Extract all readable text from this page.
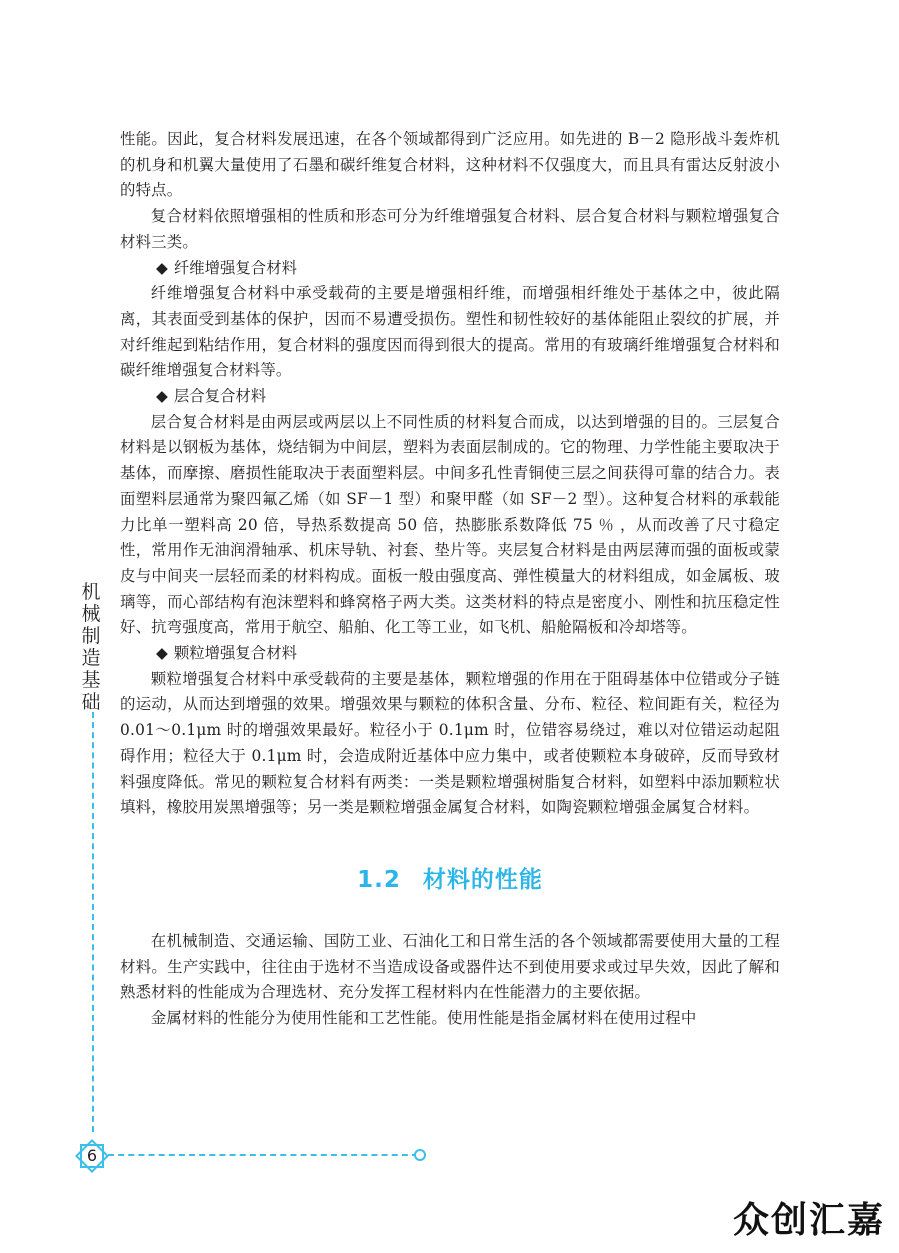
性能。因此，复合材料发展迅速，在各个领域都得到广泛应用。如先进的 B－2 隐形战斗轰炸机的机身和机翼大量使用了石墨和碳纤维复合材料，这种材料不仅强度大，而且具有雷达反射波小的特点。

复合材料依照增强相的性质和形态可分为纤维增强复合材料、层合复合材料与颗粒增强复合材料三类。

◆ 纤维增强复合材料

纤维增强复合材料中承受载荷的主要是增强相纤维，而增强相纤维处于基体之中，彼此隔离，其表面受到基体的保护，因而不易遭受损伤。塑性和韧性较好的基体能阻止裂纹的扩展，并对纤维起到粘结作用，复合材料的强度因而得到很大的提高。常用的有玻璃纤维增强复合材料和碳纤维增强复合材料等。

◆ 层合复合材料

层合复合材料是由两层或两层以上不同性质的材料复合而成，以达到增强的目的。三层复合材料是以钢板为基体，烧结铜为中间层，塑料为表面层制成的。它的物理、力学性能主要取决于基体，而摩擦、磨损性能取决于表面塑料层。中间多孔性青铜使三层之间获得可靠的结合力。表面塑料层通常为聚四氟乙烯（如 SF－1 型）和聚甲醛（如 SF－2 型）。这种复合材料的承载能力比单一塑料高 20 倍，导热系数提高 50 倍，热膨胀系数降低 75 ％ ，从而改善了尺寸稳定性，常用作无油润滑轴承、机床导轨、衬套、垫片等。夹层复合材料是由两层薄而强的面板或蒙皮与中间夹一层轻而柔的材料构成。面板一般由强度高、弹性模量大的材料组成，如金属板、玻璃等，而心部结构有泡沫塑料和蜂窝格子两大类。这类材料的特点是密度小、刚性和抗压稳定性好、抗弯强度高，常用于航空、船舶、化工等工业，如飞机、船舱隔板和冷却塔等。

◆ 颗粒增强复合材料

颗粒增强复合材料中承受载荷的主要是基体，颗粒增强的作用在于阻碍基体中位错或分子链的运动，从而达到增强的效果。增强效果与颗粒的体积含量、分布、粒径、粒间距有关，粒径为 0.01～0.1μm 时的增强效果最好。粒径小于 0.1μm 时，位错容易绕过，难以对位错运动起阻碍作用；粒径大于 0.1μm 时，会造成附近基体中应力集中，或者使颗粒本身破碎，反而导致材料强度降低。常见的颗粒复合材料有两类：一类是颗粒增强树脂复合材料，如塑料中添加颗粒状填料，橡胶用炭黑增强等；另一类是颗粒增强金属复合材料，如陶瓷颗粒增强金属复合材料。

1.2 材料的性能

在机械制造、交通运输、国防工业、石油化工和日常生活的各个领域都需要使用大量的工程材料。生产实践中，往往由于选材不当造成设备或器件达不到使用要求或过早失效，因此了解和熟悉材料的性能成为合理选材、充分发挥工程材料内在性能潜力的主要依据。

金属材料的性能分为使用性能和工艺性能。使用性能是指金属材料在使用过程中

机
械
制
造
基
础
6
众创汇嘉
